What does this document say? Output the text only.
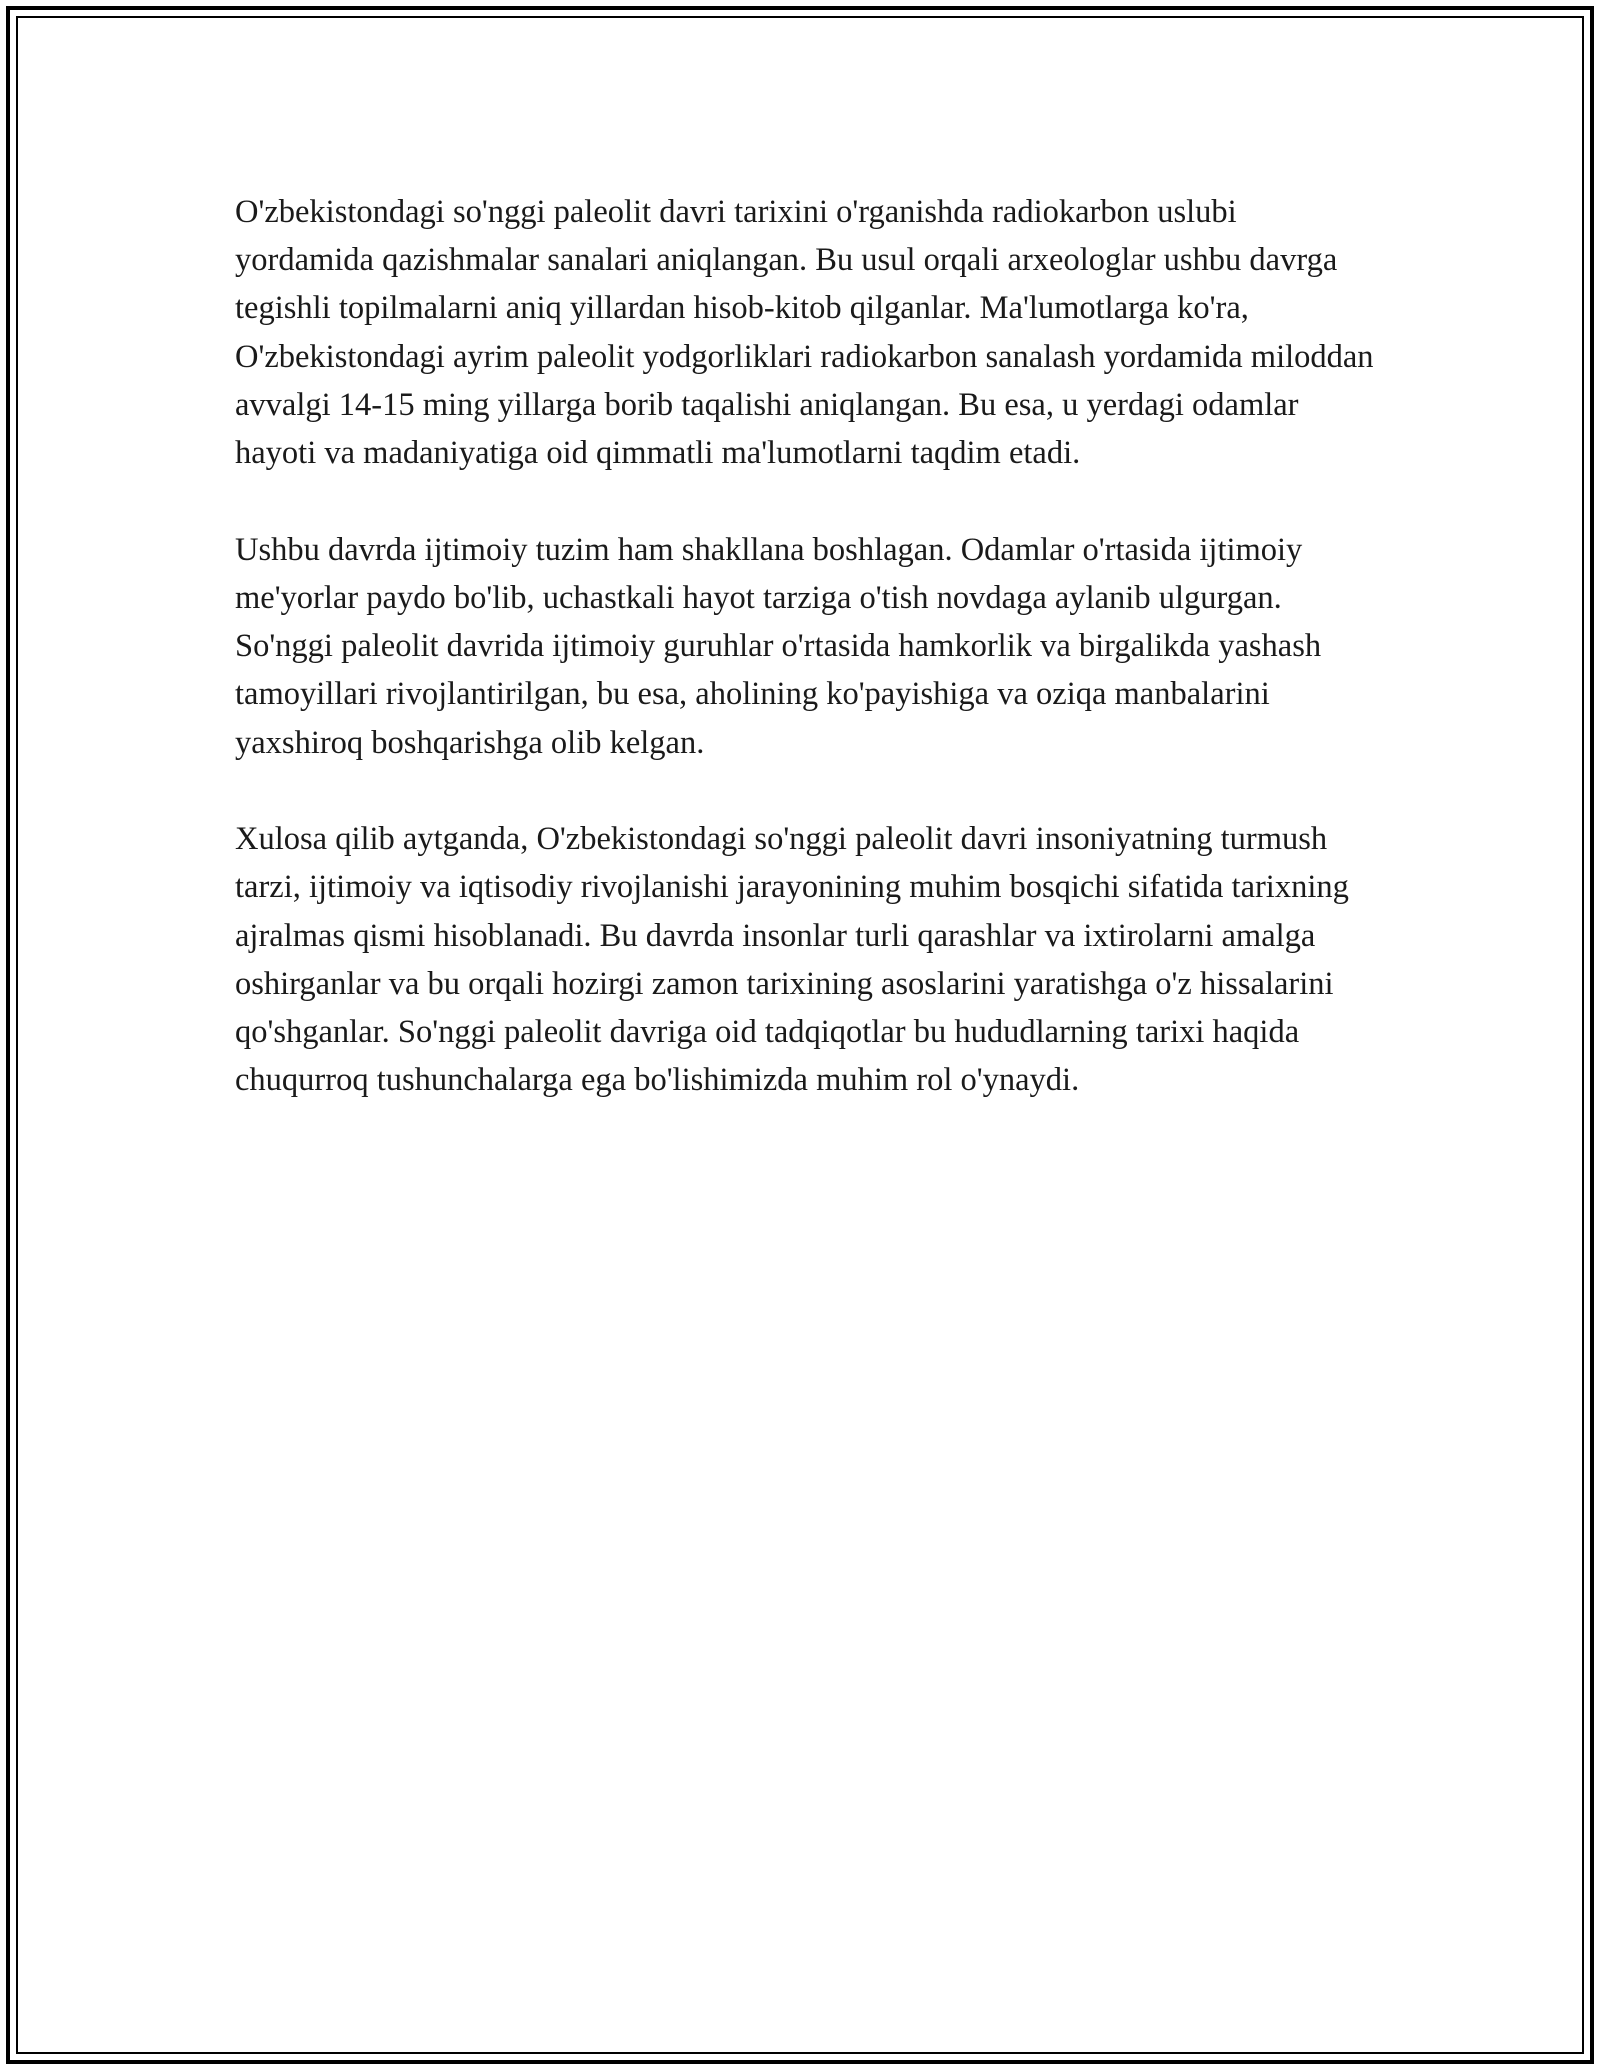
O'zbekistondagi so'nggi paleolit davri tarixini o'rganishda radiokarbon uslubi yordamida qazishmalar sanalari aniqlangan. Bu usul orqali arxeologlar ushbu davrga tegishli topilmalarni aniq yillardan hisob-kitob qilganlar. Ma'lumotlarga ko'ra, O'zbekistondagi ayrim paleolit yodgorliklari radiokarbon sanalash yordamida miloddan avvalgi 14-15 ming yillarga borib taqalishi aniqlangan. Bu esa, u yerdagi odamlar hayoti va madaniyatiga oid qimmatli ma'lumotlarni taqdim etadi.

Ushbu davrda ijtimoiy tuzim ham shakllana boshlagan. Odamlar o'rtasida ijtimoiy me'yorlar paydo bo'lib, uchastkali hayot tarziga o'tish novdaga aylanib ulgurgan. So'nggi paleolit davrida ijtimoiy guruhlar o'rtasida hamkorlik va birgalikda yashash tamoyillari rivojlantirilgan, bu esa, aholining ko'payishiga va oziqa manbalarini yaxshiroq boshqarishga olib kelgan.

Xulosa qilib aytganda, O'zbekistondagi so'nggi paleolit davri insoniyatning turmush tarzi, ijtimoiy va iqtisodiy rivojlanishi jarayonining muhim bosqichi sifatida tarixning ajralmas qismi hisoblanadi. Bu davrda insonlar turli qarashlar va ixtirolarni amalga oshirganlar va bu orqali hozirgi zamon tarixining asoslarini yaratishga o'z hissalarini qo'shganlar. So'nggi paleolit davriga oid tadqiqotlar bu hududlarning tarixi haqida chuqurroq tushunchalarga ega bo'lishimizda muhim rol o'ynaydi.
